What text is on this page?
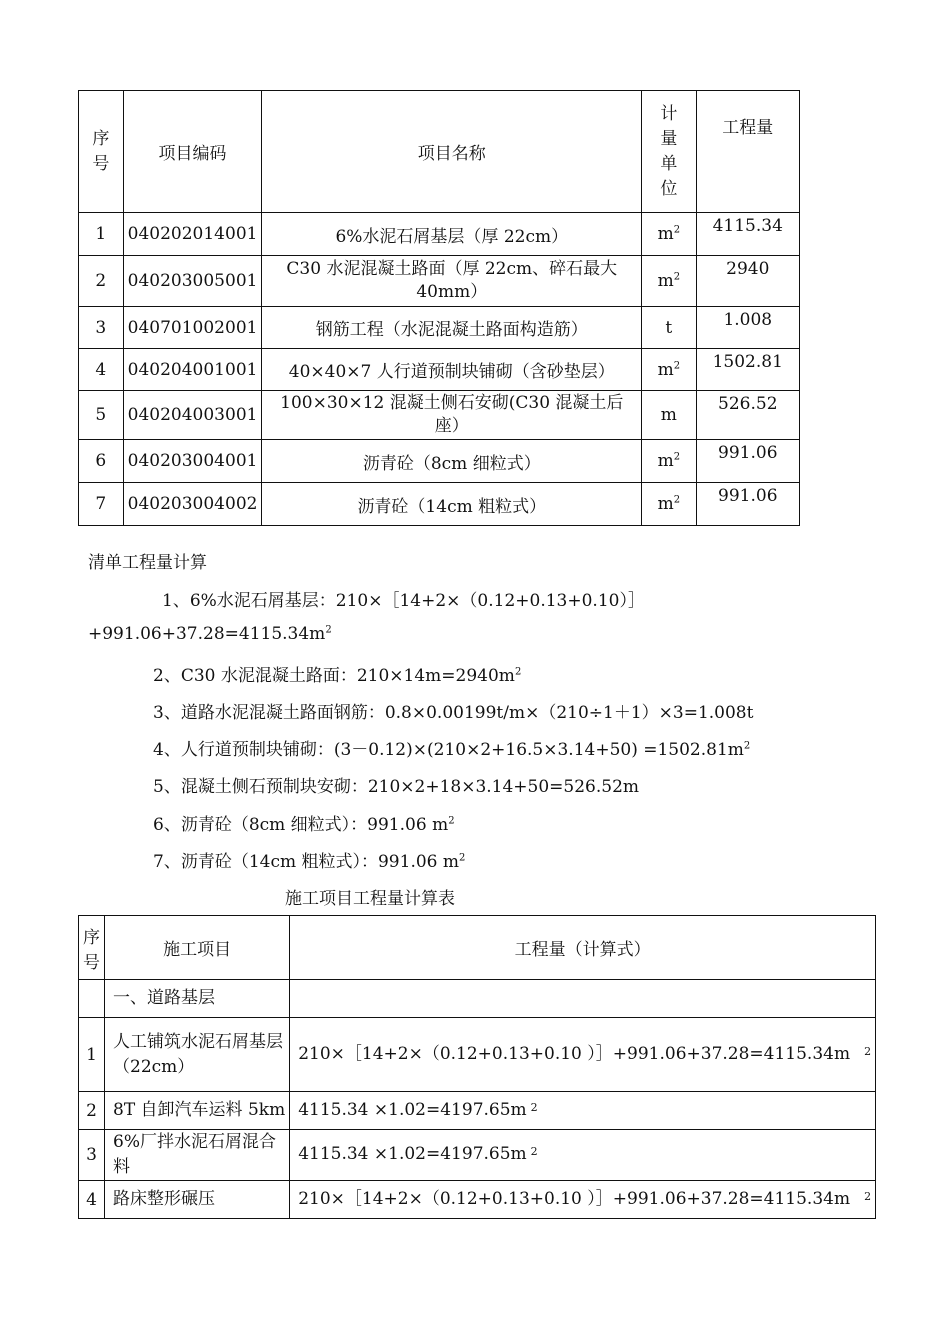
序号	项目编码	项目名称	计量单位	工程量
1	040202014001	6%水泥石屑基层（厚 22cm）	$m^2$	4115.34
2	040203005001	C30 水泥混凝土路面（厚 22cm、碎石最大 40mm）	$m^2$	2940
3	040701002001	钢筋工程（水泥混凝土路面构造筋）	t	1.008
4	040204001001	40×40×7 人行道预制块铺砌（含砂垫层）	$m^2$	1502.81
5	040204003001	100×30×12 混凝土侧石安砌(C30 混凝土后座）	m	526.52
6	040203004001	沥青砼（8cm 细粒式）	$m^2$	991.06
7	040203004002	沥青砼（14cm 粗粒式）	$m^2$	991.06
清单工程量计算
1、6%水泥石屑基层：210×［14+2×（0.12+0.13+0.10）］
$+991.06+37.28=4115.34m^2$
2、C30 水泥混凝土路面：$210\times 14m=2940m^2$
3、道路水泥混凝土路面钢筋：0.8×0.00199t/m×（210÷1＋1）×3=1.008t
4、人行道预制块铺砌：$(3-0.12)\times(210\times 2+16.5\times 3.14+50) =1502.81m^2$
5、混凝土侧石预制块安砌：210×2+18×3.14+50=526.52m
6、沥青砼（8cm 细粒式）：991.06 $m^2$
7、沥青砼（14cm 粗粒式）：991.06 $m^2$
施工项目工程量计算表
序号	施工项目	工程量（计算式）
	一、道路基层	
1	人工铺筑水泥石屑基层（22cm）	210×［14+2×（0.12+0.13+0.10 ）］+991.06+37.28=4115.34m $^2$
2	8T 自卸汽车运料 5km	4115.34 ×1.02=4197.65m $^2$
3	6%厂拌水泥石屑混合料	4115.34 ×1.02=4197.65m $^2$
4	路床整形碾压	210×［14+2×（0.12+0.13+0.10 ）］+991.06+37.28=4115.34m $^2$
